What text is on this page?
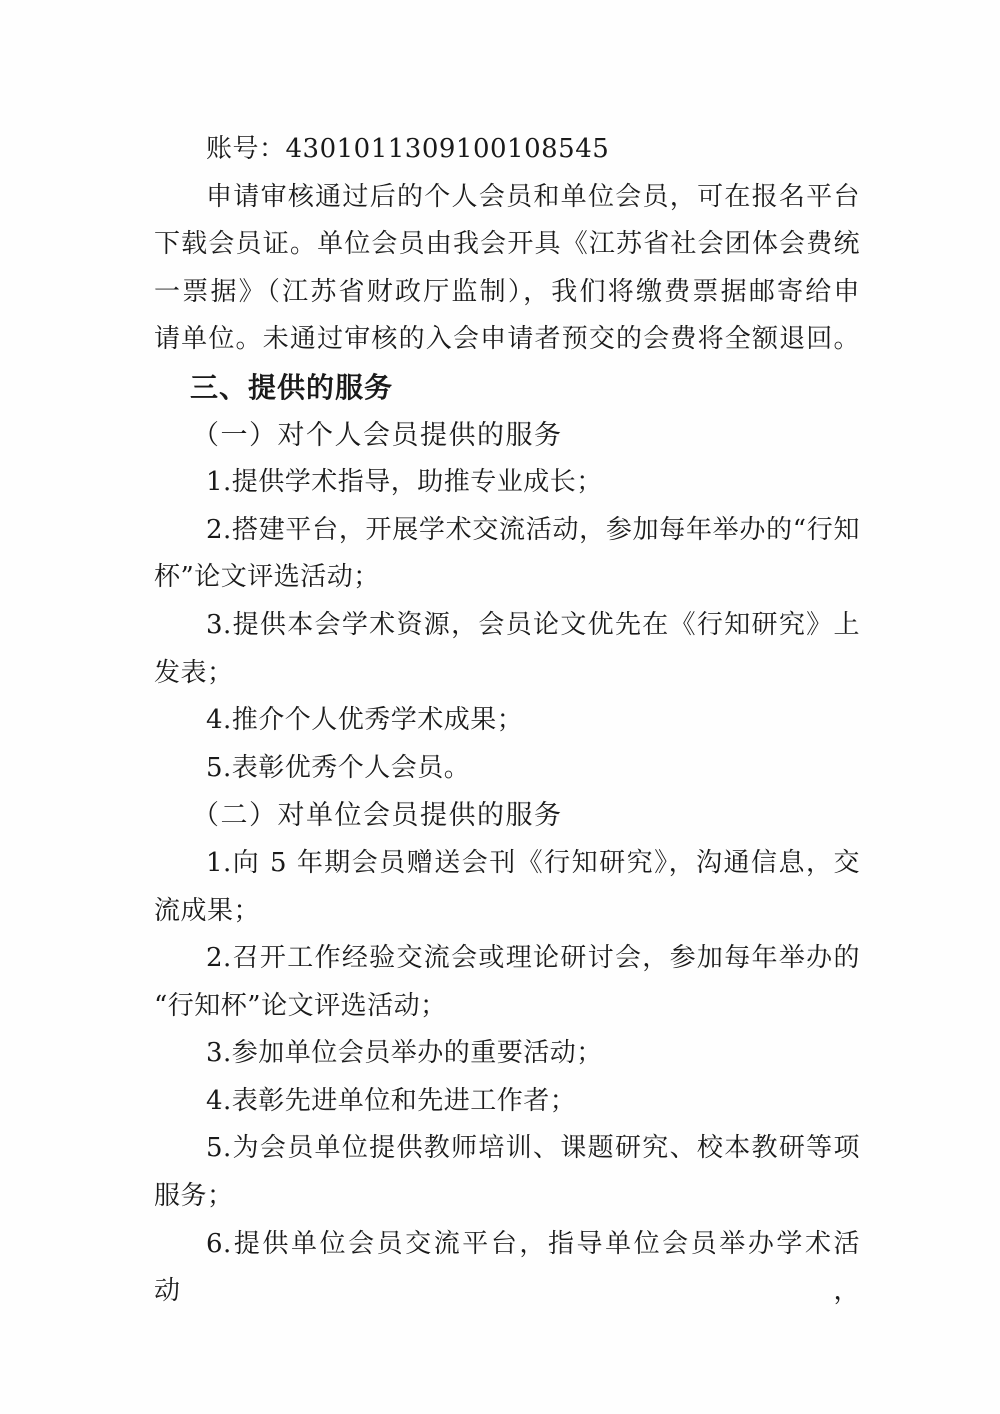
账号：4301011309100108545
申请审核通过后的个人会员和单位会员，可在报名平台
下载会员证。单位会员由我会开具《江苏省社会团体会费统
一票据》（江苏省财政厅监制），我们将缴费票据邮寄给申
请单位。未通过审核的入会申请者预交的会费将全额退回。
三、提供的服务
（一）对个人会员提供的服务
1.提供学术指导，助推专业成长；
2.搭建平台，开展学术交流活动，参加每年举办的“行知
杯”论文评选活动；
3.提供本会学术资源，会员论文优先在《行知研究》上
发表；
4.推介个人优秀学术成果；
5.表彰优秀个人会员。
（二）对单位会员提供的服务
1.向 5 年期会员赠送会刊《行知研究》，沟通信息，交
流成果；
2.召开工作经验交流会或理论研讨会，参加每年举办的
“行知杯”论文评选活动；
3.参加单位会员举办的重要活动；
4.表彰先进单位和先进工作者；
5.为会员单位提供教师培训、课题研究、校本教研等项
服务；
6.提供单位会员交流平台，指导单位会员举办学术活动，
